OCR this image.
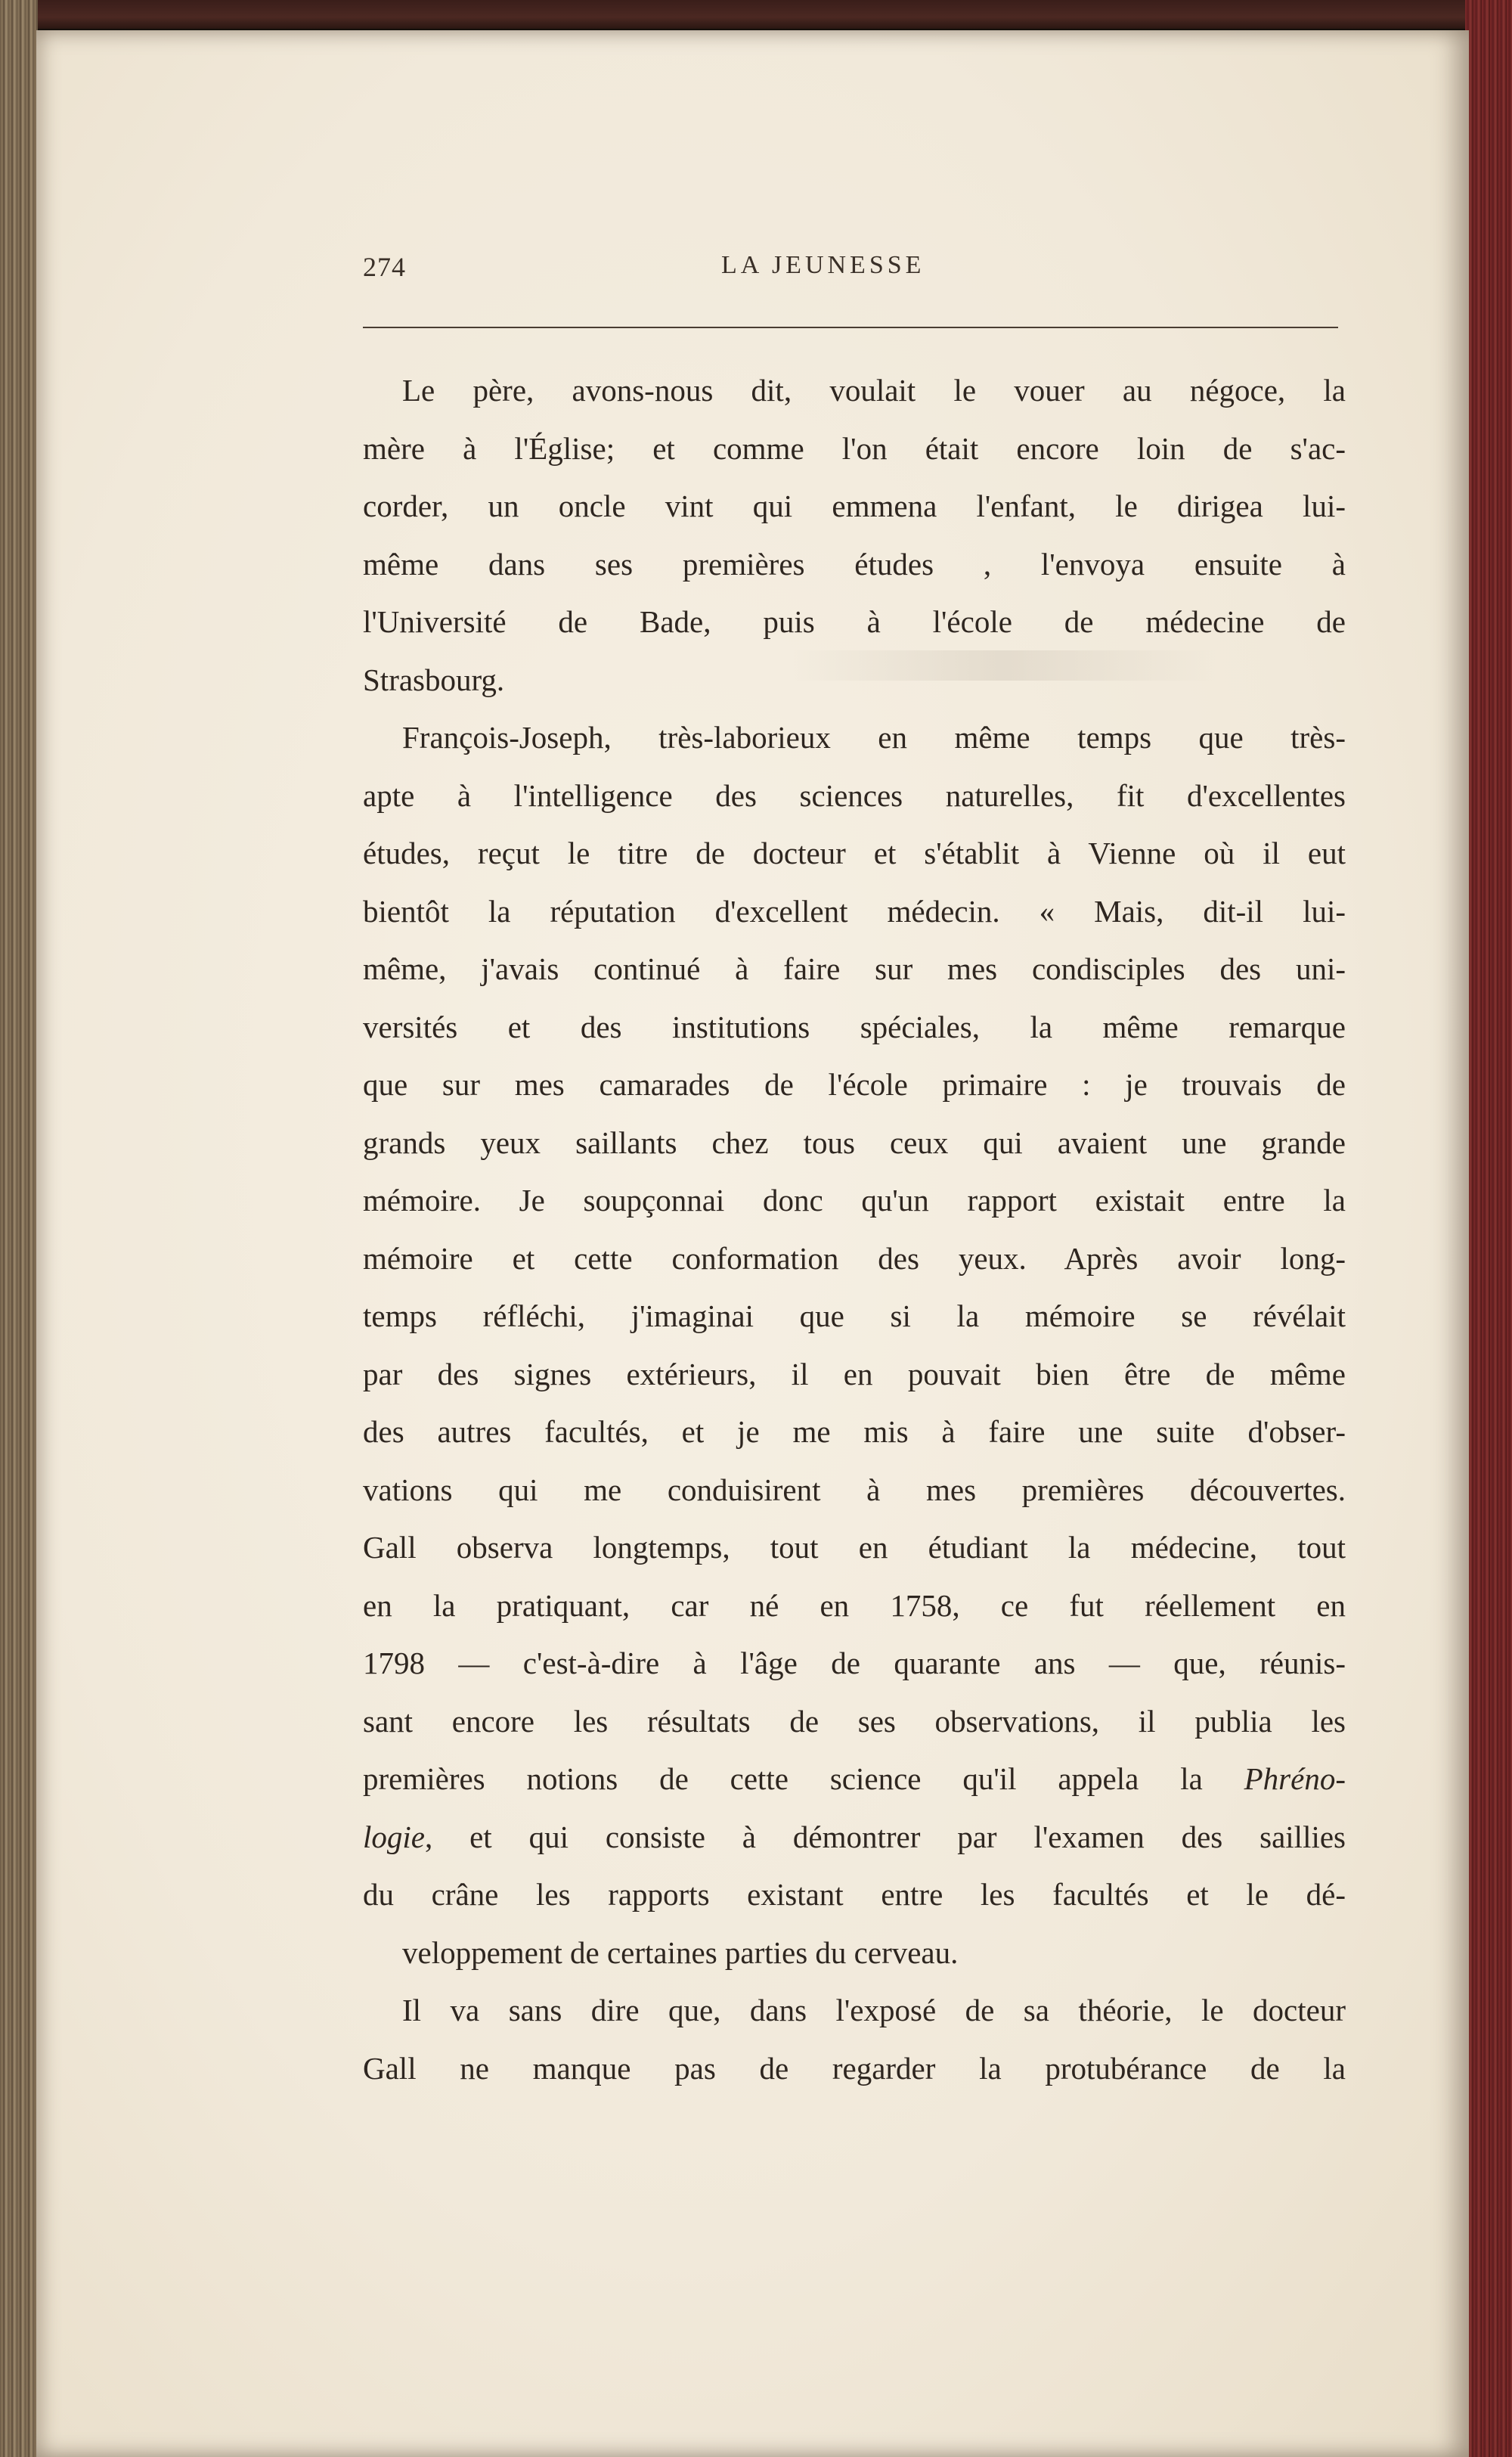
274	LA JEUNESSE
Le père, avons-nous dit, voulait le vouer au négoce, la
mère à l'Église; et comme l'on était encore loin de s'ac-
corder, un oncle vint qui emmena l'enfant, le dirigea lui-
même dans ses premières études , l'envoya ensuite à
l'Université de Bade, puis à l'école de médecine de
Strasbourg.
François-Joseph, très-laborieux en même temps que très-
apte à l'intelligence des sciences naturelles, fit d'excellentes
études, reçut le titre de docteur et s'établit à Vienne où il eut
bientôt la réputation d'excellent médecin. « Mais, dit-il lui-
même, j'avais continué à faire sur mes condisciples des uni-
versités et des institutions spéciales, la même remarque
que sur mes camarades de l'école primaire : je trouvais de
grands yeux saillants chez tous ceux qui avaient une grande
mémoire. Je soupçonnai donc qu'un rapport existait entre la
mémoire et cette conformation des yeux. Après avoir long-
temps réfléchi, j'imaginai que si la mémoire se révélait
par des signes extérieurs, il en pouvait bien être de même
des autres facultés, et je me mis à faire une suite d'obser-
vations qui me conduisirent à mes premières découvertes.
Gall observa longtemps, tout en étudiant la médecine, tout
en la pratiquant, car né en 1758, ce fut réellement en
1798 — c'est-à-dire à l'âge de quarante ans — que, réunis-
sant encore les résultats de ses observations, il publia les
premières notions de cette science qu'il appela la Phréno-
logie, et qui consiste à démontrer par l'examen des saillies
du crâne les rapports existant entre les facultés et le dé-
veloppement de certaines parties du cerveau.
Il va sans dire que, dans l'exposé de sa théorie, le docteur
Gall ne manque pas de regarder la protubérance de la
